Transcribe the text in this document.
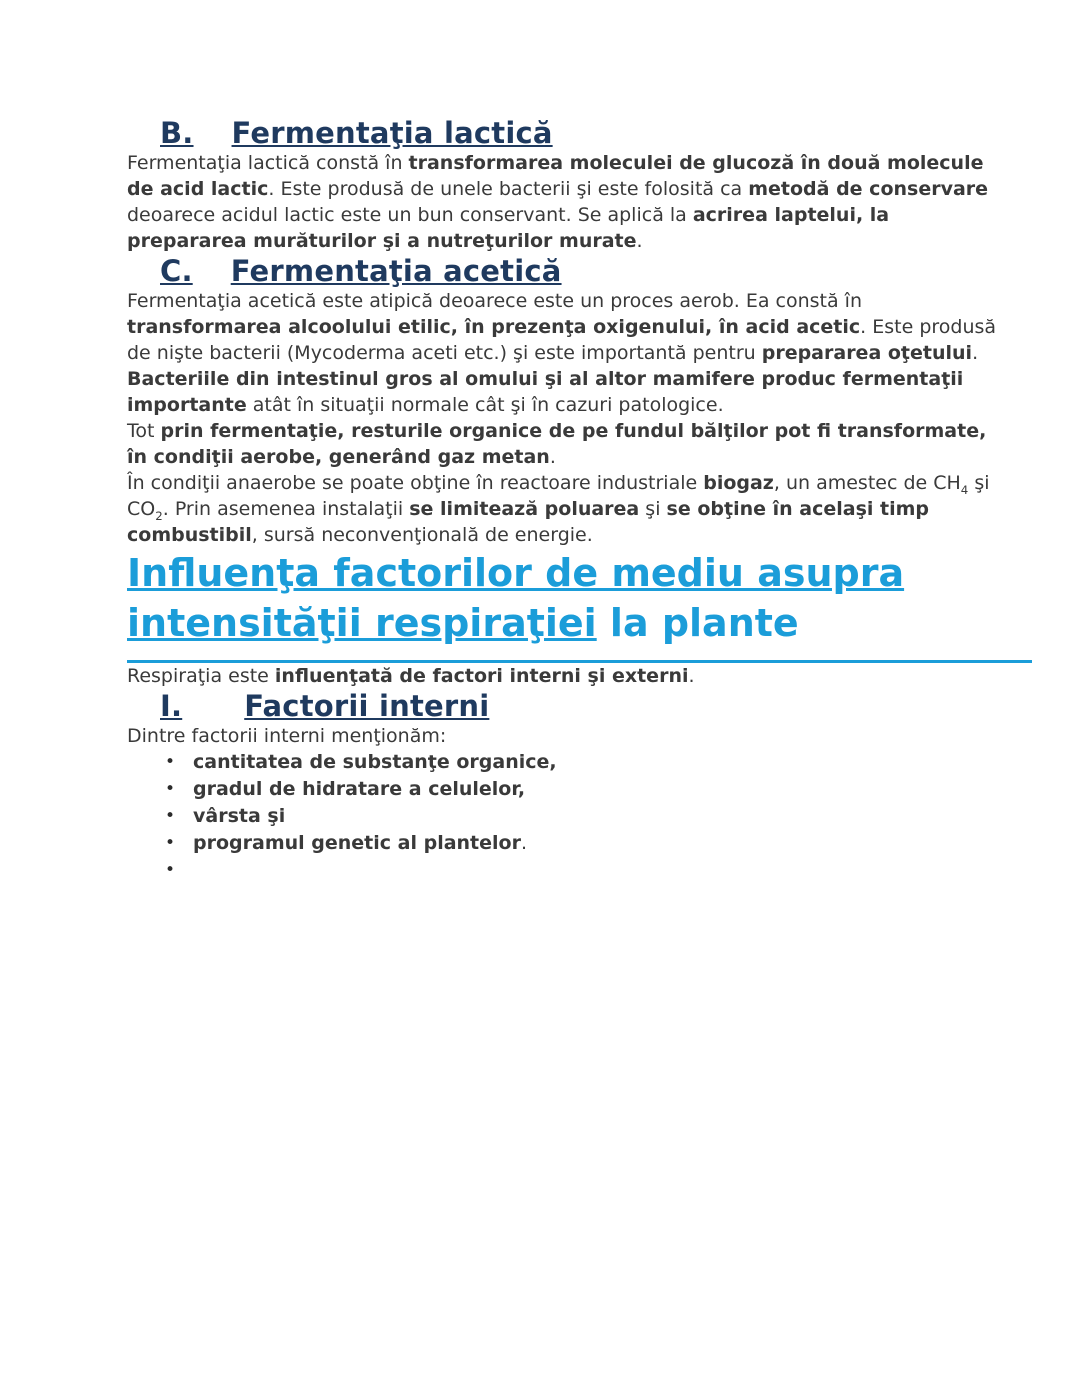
B. Fermentaţia lactică

Fermentaţia lactică constă în transformarea moleculei de glucoză în două molecule de acid lactic. Este produsă de unele bacterii şi este folosită ca metodă de conservare deoarece acidul lactic este un bun conservant. Se aplică la acrirea laptelui, la prepararea murăturilor şi a nutreţurilor murate.

C. Fermentaţia acetică

Fermentaţia acetică este atipică deoarece este un proces aerob. Ea constă în transformarea alcoolului etilic, în prezenţa oxigenului, în acid acetic. Este produsă de nişte bacterii (Mycoderma aceti etc.) şi este importantă pentru prepararea oţetului.

Bacteriile din intestinul gros al omului şi al altor mamifere produc fermentaţii importante atât în situaţii normale cât şi în cazuri patologice.

Tot prin fermentaţie, resturile organice de pe fundul bălţilor pot fi transformate, în condiţii aerobe, generând gaz metan.

În condiţii anaerobe se poate obţine în reactoare industriale biogaz, un amestec de $CH_4$ şi $CO_2$. Prin asemenea instalaţii se limitează poluarea şi se obţine în acelaşi timp combustibil, sursă neconvenţională de energie.

Influenţa factorilor de mediu asupra intensităţii respiraţiei la plante

Respiraţia este influenţată de factori interni şi externi.

I. Factorii interni

Dintre factorii interni menţionăm:

• cantitatea de substanţe organice,
• gradul de hidratare a celulelor,
• vârsta şi
• programul genetic al plantelor.
•
